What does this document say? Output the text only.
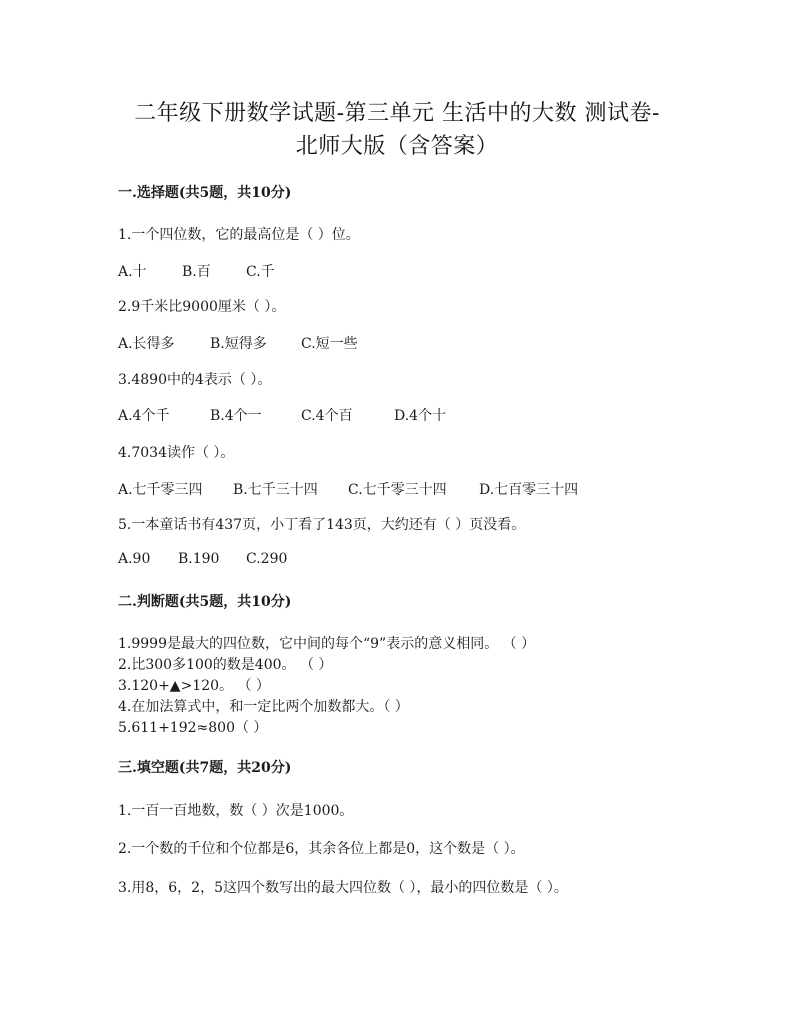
二年级下册数学试题-第三单元 生活中的大数 测试卷-
北师大版（含答案）
一.选择题(共5题，共10分)
1.一个四位数，它的最高位是（ ）位。
A.十	B.百	C.千
2.9千米比9000厘米（ ）。
A.长得多	B.短得多 C.短一些
3.4890中的4表示（ ）。
A.4个千	B.4个一	C.4个百	D.4个十
4.7034读作（ ）。
A.七千零三四 B.七千三十四 C.七千零三十四 D.七百零三十四
5.一本童话书有437页，小丁看了143页，大约还有（ ）页没看。
A.90 B.190 C.290
二.判断题(共5题，共10分)
1.9999是最大的四位数，它中间的每个“9”表示的意义相同。 （ ）
2.比300多100的数是400。 （ ）
3.120+▲>120。 （ ）
4.在加法算式中，和一定比两个加数都大。（ ）
5.611+192≈800（ ）
三.填空题(共7题，共20分)
1.一百一百地数，数（ ）次是1000。
2.一个数的千位和个位都是6，其余各位上都是0，这个数是（ ）。
3.用8，6，2，5这四个数写出的最大四位数（ ），最小的四位数是（ ）。
